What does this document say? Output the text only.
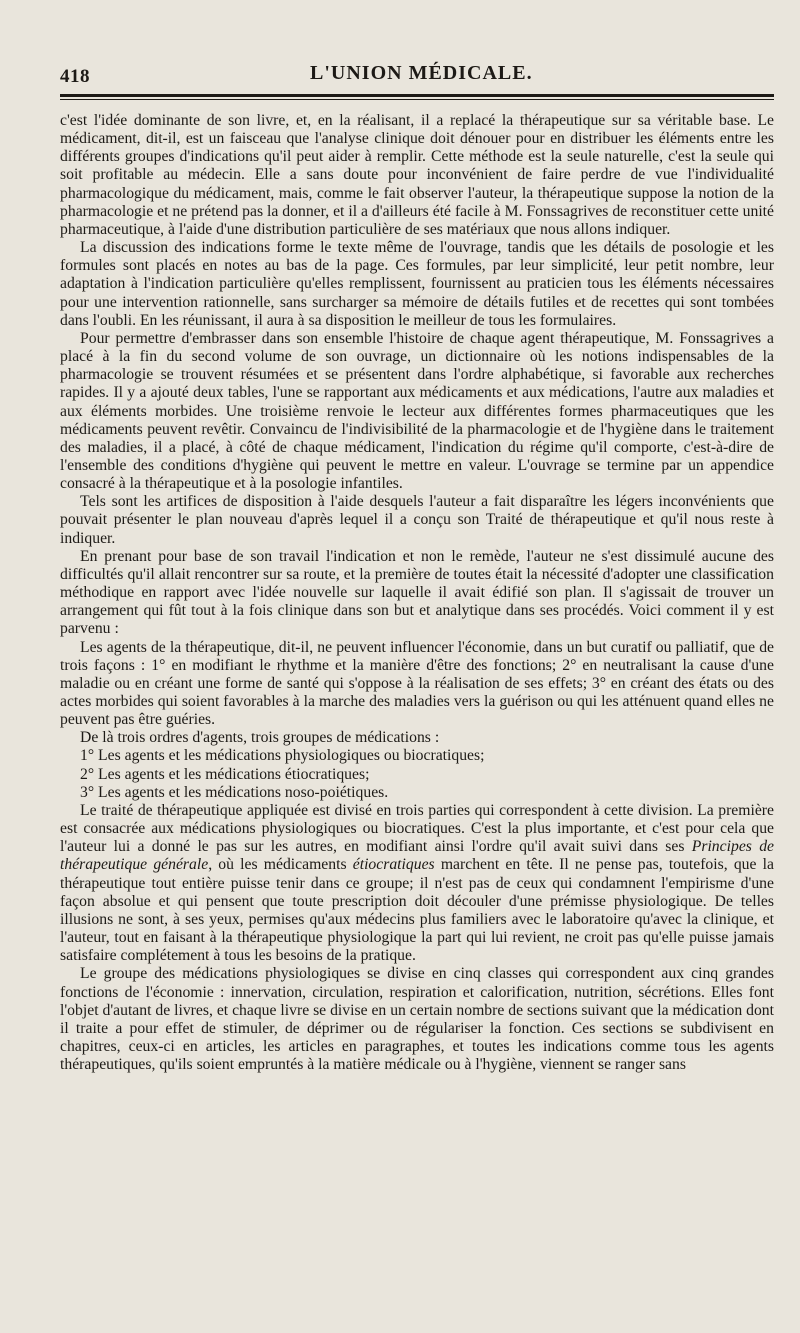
418	L'UNION MÉDICALE.

c'est l'idée dominante de son livre, et, en la réalisant, il a replacé la thérapeutique sur sa véritable base. Le médicament, dit-il, est un faisceau que l'analyse clinique doit dénouer pour en distribuer les éléments entre les différents groupes d'indications qu'il peut aider à remplir. Cette méthode est la seule naturelle, c'est la seule qui soit profitable au médecin. Elle a sans doute pour inconvénient de faire perdre de vue l'individualité pharmacologique du médicament, mais, comme le fait observer l'auteur, la thérapeutique suppose la notion de la pharmacologie et ne prétend pas la donner, et il a d'ailleurs été facile à M. Fonssagrives de reconstituer cette unité pharmaceutique, à l'aide d'une distribution particulière de ses matériaux que nous allons indiquer.

La discussion des indications forme le texte même de l'ouvrage, tandis que les détails de posologie et les formules sont placés en notes au bas de la page. Ces formules, par leur simplicité, leur petit nombre, leur adaptation à l'indication particulière qu'elles remplissent, fournissent au praticien tous les éléments nécessaires pour une intervention rationnelle, sans surcharger sa mémoire de détails futiles et de recettes qui sont tombées dans l'oubli. En les réunissant, il aura à sa disposition le meilleur de tous les formulaires.

Pour permettre d'embrasser dans son ensemble l'histoire de chaque agent thérapeutique, M. Fonssagrives a placé à la fin du second volume de son ouvrage, un dictionnaire où les notions indispensables de la pharmacologie se trouvent résumées et se présentent dans l'ordre alphabétique, si favorable aux recherches rapides. Il y a ajouté deux tables, l'une se rapportant aux médicaments et aux médications, l'autre aux maladies et aux éléments morbides. Une troisième renvoie le lecteur aux différentes formes pharmaceutiques que les médicaments peuvent revêtir. Convaincu de l'indivisibilité de la pharmacologie et de l'hygiène dans le traitement des maladies, il a placé, à côté de chaque médicament, l'indication du régime qu'il comporte, c'est-à-dire de l'ensemble des conditions d'hygiène qui peuvent le mettre en valeur. L'ouvrage se termine par un appendice consacré à la thérapeutique et à la posologie infantiles.

Tels sont les artifices de disposition à l'aide desquels l'auteur a fait disparaître les légers inconvénients que pouvait présenter le plan nouveau d'après lequel il a conçu son Traité de thérapeutique et qu'il nous reste à indiquer.

En prenant pour base de son travail l'indication et non le remède, l'auteur ne s'est dissimulé aucune des difficultés qu'il allait rencontrer sur sa route, et la première de toutes était la nécessité d'adopter une classification méthodique en rapport avec l'idée nouvelle sur laquelle il avait édifié son plan. Il s'agissait de trouver un arrangement qui fût tout à la fois clinique dans son but et analytique dans ses procédés. Voici comment il y est parvenu :

Les agents de la thérapeutique, dit-il, ne peuvent influencer l'économie, dans un but curatif ou palliatif, que de trois façons : 1° en modifiant le rhythme et la manière d'être des fonctions; 2° en neutralisant la cause d'une maladie ou en créant une forme de santé qui s'oppose à la réalisation de ses effets; 3° en créant des états ou des actes morbides qui soient favorables à la marche des maladies vers la guérison ou qui les atténuent quand elles ne peuvent pas être guéries.

De là trois ordres d'agents, trois groupes de médications :

1° Les agents et les médications physiologiques ou biocratiques;

2° Les agents et les médications étiocratiques;

3° Les agents et les médications noso-poiétiques.

Le traité de thérapeutique appliquée est divisé en trois parties qui correspondent à cette division. La première est consacrée aux médications physiologiques ou biocratiques. C'est la plus importante, et c'est pour cela que l'auteur lui a donné le pas sur les autres, en modifiant ainsi l'ordre qu'il avait suivi dans ses Principes de thérapeutique générale, où les médicaments étiocratiques marchent en tête. Il ne pense pas, toutefois, que la thérapeutique tout entière puisse tenir dans ce groupe; il n'est pas de ceux qui condamnent l'empirisme d'une façon absolue et qui pensent que toute prescription doit découler d'une prémisse physiologique. De telles illusions ne sont, à ses yeux, permises qu'aux médecins plus familiers avec le laboratoire qu'avec la clinique, et l'auteur, tout en faisant à la thérapeutique physiologique la part qui lui revient, ne croit pas qu'elle puisse jamais satisfaire complétement à tous les besoins de la pratique.

Le groupe des médications physiologiques se divise en cinq classes qui correspondent aux cinq grandes fonctions de l'économie : innervation, circulation, respiration et calorification, nutrition, sécrétions. Elles font l'objet d'autant de livres, et chaque livre se divise en un certain nombre de sections suivant que la médication dont il traite a pour effet de stimuler, de déprimer ou de régulariser la fonction. Ces sections se subdivisent en chapitres, ceux-ci en articles, les articles en paragraphes, et toutes les indications comme tous les agents thérapeutiques, qu'ils soient empruntés à la matière médicale ou à l'hygiène, viennent se ranger sans
